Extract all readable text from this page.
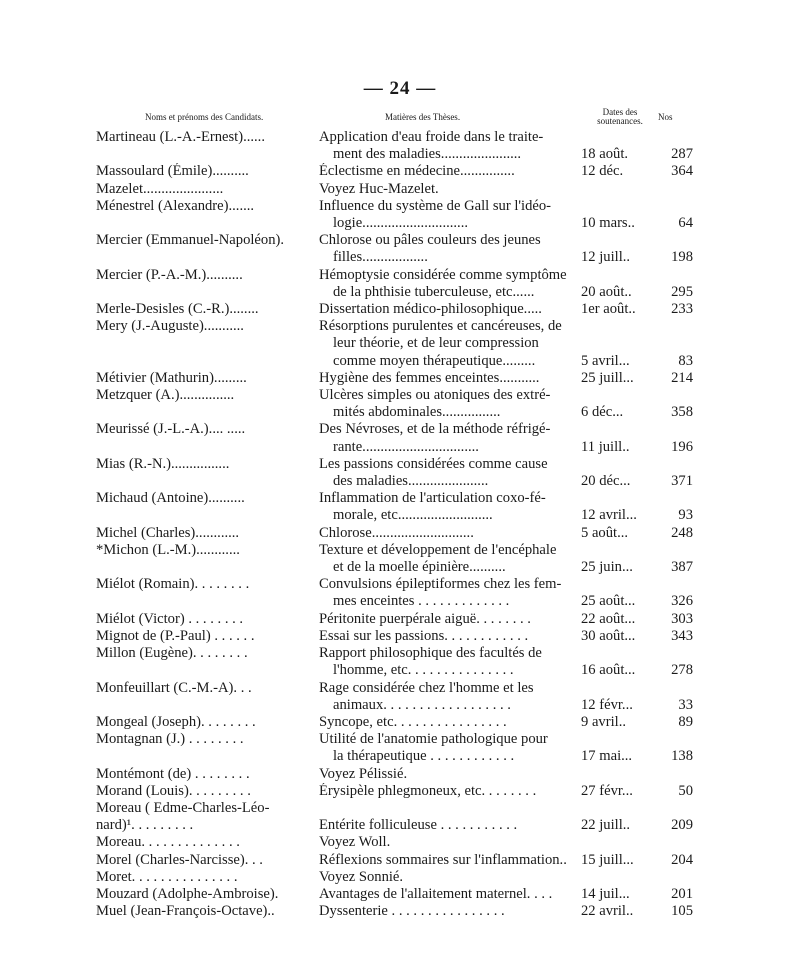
— 24 —
Noms et prénoms des Candidats.	Matières des Thèses.	Dates des soutenances.	Nos
Martineau (L.-A.-Ernest)......	Application d'eau froide dans le traite-
ment des maladies......................	18 août.	287
Massoulard (Émile)..........	Éclectisme en médecine...............	12 déc.	364
Mazelet......................	Voyez Huc-Mazelet.
Ménestrel (Alexandre).......	Influence du système de Gall sur l'idéo-
logie.............................	10 mars..	64
Mercier (Emmanuel-Napoléon).	Chlorose ou pâles couleurs des jeunes
filles..................	12 juill..	198
Mercier (P.-A.-M.)..........	Hémoptysie considérée comme symptôme
de la phthisie tuberculeuse, etc......	20 août..	295
Merle-Desisles (C.-R.)........	Dissertation médico-philosophique.....	1er août..	233
Mery (J.-Auguste)...........	Résorptions purulentes et cancéreuses, de
leur théorie, et de leur compression
comme moyen thérapeutique.........	5 avril...	83
Métivier (Mathurin).........	Hygiène des femmes enceintes...........	25 juill...	214
Metzquer (A.)...............	Ulcères simples ou atoniques des extré-
mités abdominales................	6 déc...	358
Meurissé (J.-L.-A.).... .....	Des Névroses, et de la méthode réfrigé-
rante................................	11 juill..	196
Mias (R.-N.)................	Les passions considérées comme cause
des maladies......................	20 déc...	371
Michaud (Antoine)..........	Inflammation de l'articulation coxo-fé-
morale, etc..........................	12 avril...	93
Michel (Charles)............	Chlorose............................	5 août...	248
*Michon (L.-M.)............	Texture et développement de l'encéphale
et de la moelle épinière..........	25 juin...	387
Miélot (Romain). . . . . . . .	Convulsions épileptiformes chez les fem-
mes enceintes . . . . . . . . . . . . .	25 août...	326
Miélot (Victor) . . . . . . . .	Péritonite puerpérale aiguë. . . . . . . .	22 août...	303
Mignot de (P.-Paul) . . . . . .	Essai sur les passions. . . . . . . . . . . .	30 août...	343
Millon (Eugène). . . . . . . .	Rapport philosophique des facultés de
l'homme, etc. . . . . . . . . . . . . . .	16 août...	278
Monfeuillart (C.-M.-A). . .	Rage considérée chez l'homme et les
animaux. . . . . . . . . . . . . . . . . .	12 févr...	33
Mongeal (Joseph). . . . . . . .	Syncope, etc. . . . . . . . . . . . . . . .	9 avril..	89
Montagnan (J.) . . . . . . . .	Utilité de l'anatomie pathologique pour
la thérapeutique . . . . . . . . . . . .	17 mai...	138
Montémont (de) . . . . . . . .	Voyez Pélissié.
Morand (Louis). . . . . . . . .	Érysipèle phlegmoneux, etc. . . . . . . .	27 févr...	50
Moreau ( Edme-Charles-Léo-

nard)¹. . . . . . . . .	Entérite folliculeuse . . . . . . . . . . .	22 juill..	209
Moreau. . . . . . . . . . . . . .	Voyez Woll.
Morel (Charles-Narcisse). . .	Réflexions sommaires sur l'inflammation.. 15 juill...	204
Moret. . . . . . . . . . . . . . .	Voyez Sonnié.
Mouzard (Adolphe-Ambroise).	Avantages de l'allaitement maternel. . . .	14 juil...	201
Muel (Jean-François-Octave)..	Dyssenterie . . . . . . . . . . . . . . . .	22 avril..	105
